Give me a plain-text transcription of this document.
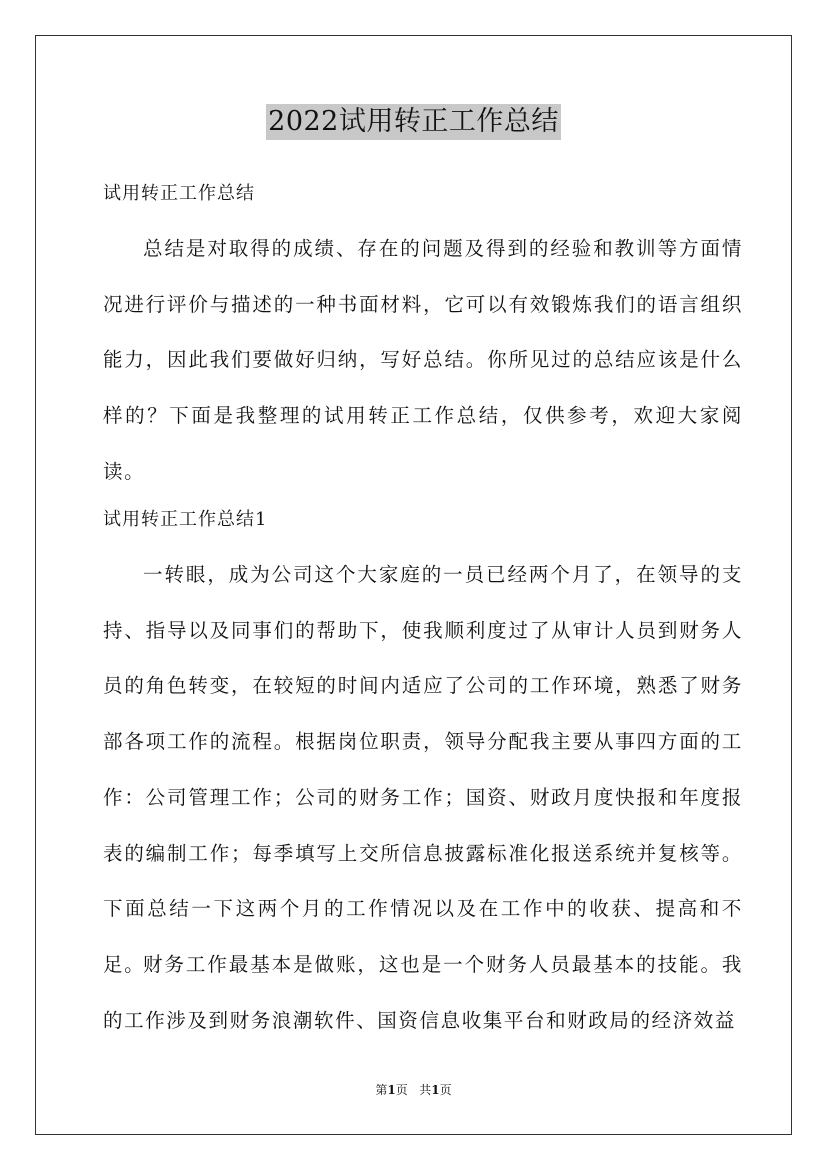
2022试用转正工作总结
试用转正工作总结

总结是对取得的成绩、存在的问题及得到的经验和教训等方面情况进行评价与描述的一种书面材料，它可以有效锻炼我们的语言组织能力，因此我们要做好归纳，写好总结。你所见过的总结应该是什么样的？下面是我整理的试用转正工作总结，仅供参考，欢迎大家阅读。

试用转正工作总结1

一转眼，成为公司这个大家庭的一员已经两个月了，在领导的支持、指导以及同事们的帮助下，使我顺利度过了从审计人员到财务人员的角色转变，在较短的时间内适应了公司的工作环境，熟悉了财务部各项工作的流程。根据岗位职责，领导分配我主要从事四方面的工作：公司管理工作；公司的财务工作；国资、财政月度快报和年度报表的编制工作；每季填写上交所信息披露标准化报送系统并复核等。下面总结一下这两个月的工作情况以及在工作中的收获、提高和不足。

财务工作最基本是做账，这也是一个财务人员最基本的技能。我的工作涉及到财务浪潮软件、国资信息收集平台和财政局的经济效益

第1页 共1页
